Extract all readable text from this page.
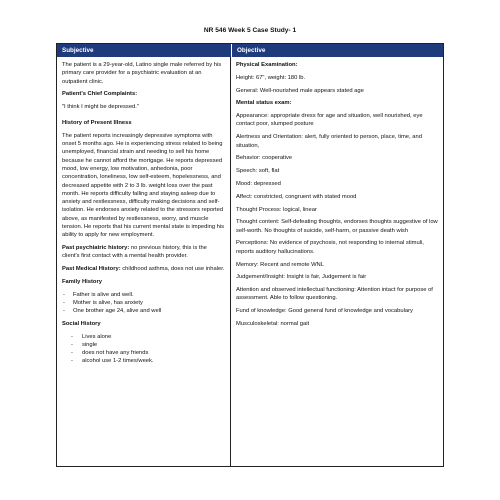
NR 546 Week 5 Case Study- 1
Subjective	Objective

The patient is a 29-year-old, Latino single male referred by his primary care provider for a psychiatric evaluation at an outpatient clinic.

Patient's Chief Complaints:

"I think I might be depressed."

History of Present Illness

The patient reports increasingly depressive symptoms with onset 5 months ago. He is experiencing stress related to being unemployed, financial strain and needing to sell his home because he cannot afford the mortgage. He reports depressed mood, low energy, low motivation, anhedonia, poor concentration, loneliness, low self-esteem, hopelessness, and decreased appetite with 2 to 3 lb. weight loss over the past month. He reports difficulty falling and staying asleep due to anxiety and restlessness, difficulty making decisions and self-isolation. He endorses anxiety related to the stressors reported above, as manifested by restlessness, worry, and muscle tension. He reports that his current mental state is impeding his ability to apply for new employment.

Past psychiatric history: no previous history, this is the client's first contact with a mental health provider.

Past Medical History: childhood asthma, does not use inhaler.

Family History

- Father is alive and well.
- Mother is alive, has anxiety
- One brother age 24, alive and well

Social History

- Lives alone
- single
- does not have any friends
- alcohol use 1-2 times/week.

Physical Examination:

Height: 67", weight: 180 lb.

General: Well-nourished male appears stated age

Mental status exam:

Appearance: appropriate dress for age and situation, well nourished, eye contact poor, slumped posture

Alertness and Orientation: alert, fully oriented to person, place, time, and situation,

Behavior: cooperative

Speech: soft, flat

Mood: depressed

Affect: constricted, congruent with stated mood

Thought Process: logical, linear

Thought content: Self-defeating thoughts, endorses thoughts suggestive of low self-worth. No thoughts of suicide, self-harm, or passive death wish

Perceptions: No evidence of psychosis, not responding to internal stimuli, reports auditory hallucinations.

Memory: Recent and remote WNL

Judgement/Insight: Insight is fair, Judgement is fair

Attention and observed intellectual functioning: Attention intact for purpose of assessment. Able to follow questioning.

Fund of knowledge: Good general fund of knowledge and vocabulary

Musculoskeletal: normal gait
